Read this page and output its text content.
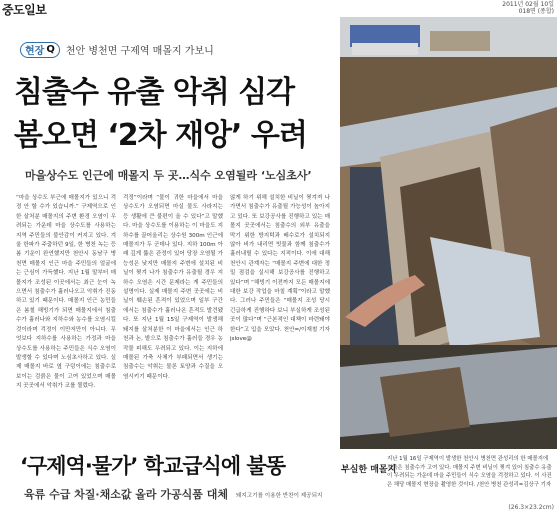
중도일보	2011년 02월 10일
018면 (종합)
현장 Q 천안 병천면 구제역 매몰지 가보니
침출수 유출 악취 심각
봄오면 ‘2차 재앙’ 우려
마을상수도 인근에 매몰지 두 곳…식수 오염될라 ‘노심초사’
“마을 상수도 부근에 매몰지가 있으니 걱정 안 할 수가 있습니까.” 구제역으로 인한 살처분 매몰지의 주변 환경 오염이 우려되는 가운데 마을 상수도를 사용하는 지역 주민들의 불안감이 커지고 있다. 겨울 한파가 주춤하던 9일, 한 병천 녹는 등 봄 기운이 완연했지만 천안시 동남구 병천면 매몰지 인근 마을 주민들의 얼굴에는 근심이 가득했다. 지난 1월 말부터 매몰지가 조성된 이곳에서는 최근 눈이 녹으면서 침출수가 흘러나오고 악취가 진동하고 있기 때문이다. 매몰지 인근 농민들은 봄철 해빙기가 되면 매몰지에서 침출수가 흘러나와 지하수와 농수를 오염시킬 것이라며 걱정이 이만저만이 아니다. 무엇보다 지하수를 사용하는 가정과 마을 상수도를 사용하는 주민들은 식수 오염이 발생할 수 있다며 노심초사하고 있다. 실제 매몰지 바로 옆 구덩이에는 침출수로 보이는 검붉은 물이 고여 있었으며 매몰지 곳곳에서 악취가 코를 찔렀다.
걱정”이라며 “물이 귀한 마을에서 마을 상수도가 오염되면 마실 물도 사라지는 등 생활에 큰 불편이 올 수 있다”고 말했다. 마을 상수도를 이용하는 이 마을도 지하수를 끌어올리는 상수원 300m 인근에 매몰지가 두 군데나 있다. 지하 100m 아래 깊게 뚫은 관정이 있어 당장 오염될 가능성은 낮지만 매몰지 주변에 설치된 비닐이 찢겨 나가 침출수가 유출될 경우 지하수 오염은 시간 문제라는 게 주민들의 설명이다. 실제 매몰지 주변 곳곳에는 비닐이 훼손된 흔적이 있었으며 일부 구간에서는 침출수가 흘러나온 흔적도 발견됐다. 또 지난 1월 15일 구제역이 발생해 돼지를 살처분한 이 마을에서는 인근 하천과 논, 밭으로 침출수가 흘러들 경우 농작물 피해도 우려되고 있다. 이는 지하에 매몰된 가축 사체가 부패되면서 생기는 침출수는 악취는 물론 토양과 수질을 오염시키기 때문이다.
않게 하기 위해 설치한 비닐이 찢겨져 나가면서 침출수가 유출될 가능성이 높아지고 있다. 또 보강공사를 진행하고 있는 매몰지 곳곳에서는 침출수의 외부 유출을 막기 위한 방지턱과 배수로가 설치되지 않아 비가 내리면 빗물과 함께 침출수가 흘러내릴 수 있다는 지적이다. 이에 대해 천안시 관계자는 “매몰지 주변에 대한 정밀 점검을 실시해 보강공사를 진행하고 있다”며 “해빙기 이전까지 모든 매몰지에 대한 보강 작업을 마칠 계획”이라고 말했다. 그러나 주민들은 “매몰지 조성 당시 긴급하게 진행하다 보니 부실하게 조성된 곳이 많다”며 “근본적인 대책이 마련돼야 한다”고 입을 모았다. 천안=/이재철 기자 jslove@
부실한 매몰지
지난 1월 16일 구제역이 발생한 천안시 병천면 관성리의 한 매몰지에 검붉은 침출수가 고여 있다. 매몰지 주변 비닐이 찢겨 있어 침출수 유출이 우려되는 가운데 마을 주민들이 식수 오염을 걱정하고 있다. 이 사진은 해당 매몰지 현장을 촬영한 것이다. /천안 병천 관성리=김상구 기자
‘구제역·물가’ 학교급식에 불똥
육류 수급 차질·채소값 올라 가공식품 대체 돼지고기를 이용한 반찬이 제공되지
(26.3×23.2cm)
